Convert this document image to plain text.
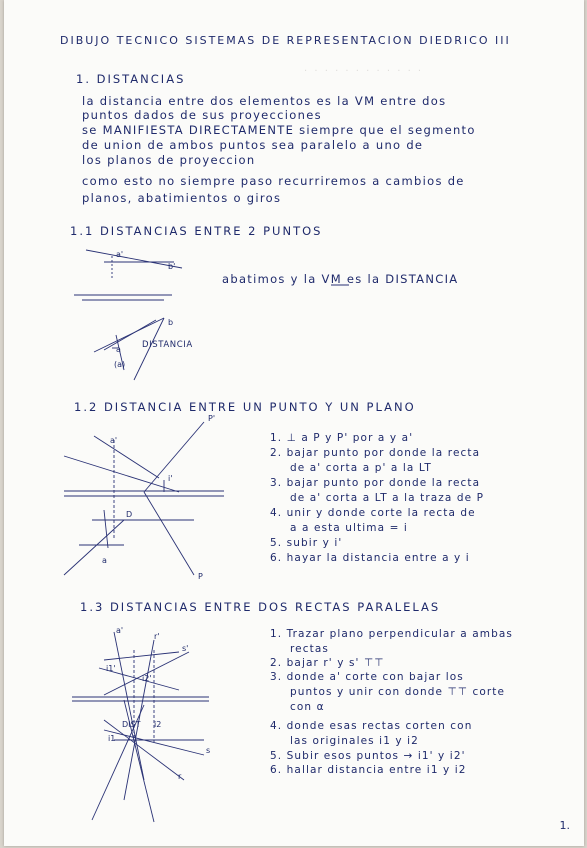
· · · · · · · · · · · ·
DIBUJO TECNICO SISTEMAS DE REPRESENTACION DIEDRICO III
1. DISTANCIAS
la distancia entre dos elementos es la VM entre dos
puntos dados de sus proyecciones
se MANIFIESTA DIRECTAMENTE siempre que el segmento
de union de ambos puntos sea paralelo a uno de
los planos de proyeccion
como esto no siempre paso recurriremos a cambios de
planos, abatimientos o giros
1.1 DISTANCIAS ENTRE 2 PUNTOS
abatimos y la VM es la DISTANCIA
a'
b'
b
a
(a)
DISTANCIA
1.2 DISTANCIA ENTRE UN PUNTO Y UN PLANO
1. ⊥ a P y P' por a y a'
2. bajar punto por donde la recta
de a' corta a p' a la LT
3. bajar punto por donde la recta
de a' corta a LT a la traza de P
4. unir y donde corte la recta de
a a esta ultima = i
5. subir y i'
6. hayar la distancia entre a y i
P'
P
a'
a
D
i'
1.3 DISTANCIAS ENTRE DOS RECTAS PARALELAS
1. Trazar plano perpendicular a ambas
rectas
2. bajar r' y s' ⊤⊤
3. donde a' corte con bajar los
puntos y unir con donde ⊤⊤ corte
con α
4. donde esas rectas corten con
las originales i1 y i2
5. Subir esos puntos → i1' y i2'
6. hallar distancia entre i1 y i2
a'
r'
s'
i1'
i2'
DIST
i1
i2
s
r
1.
